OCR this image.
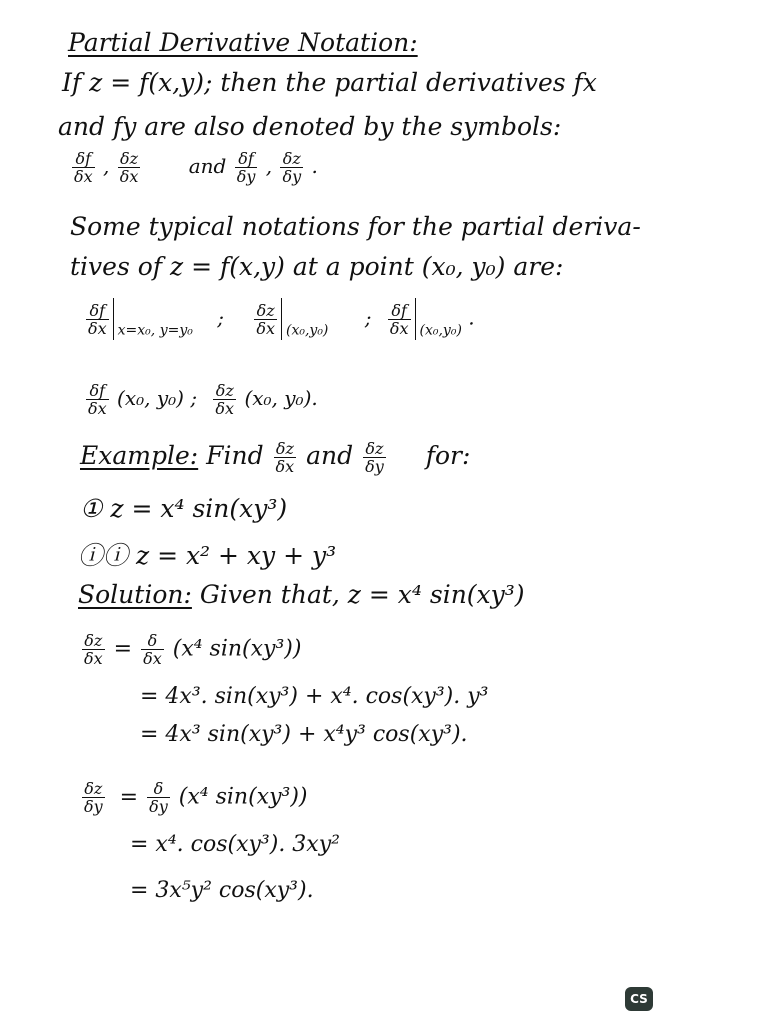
Partial Derivative Notation:
If z = f(x,y); then the partial derivatives fx
and fy are also denoted by the symbols:
$\frac{\delta f}{\delta x}$ , $\frac{\delta z}{\delta x}$ and $\frac{\delta f}{\delta y}$ , $\frac{\delta z}{\delta y}$ .
Some typical notations for the partial deriva-
tives of z = f(x,y) at a point (x₀, y₀) are:
$\frac{\delta f}{\delta x} _{x=x_0, y=y_0}$ ; $\frac{\delta z}{\delta x} _{(x_0,y_0)}$ ; $\frac{\delta f}{\delta x} _{(x_0,y_0)}$ .
$\frac{\delta f}{\delta x} (x_0$, y₀) ; $\frac{\delta z}{\delta x} (x_0$, y₀).
Example: Find $\frac{\delta z}{\delta x}$ and $\frac{\delta z}{\delta y}$ for:
① z = x⁴ sin(xy³)
ⓘⓘ z = x² + xy + y³
Solution: Given that, z = x⁴ sin(xy³)
$\frac{\delta z}{\delta x} = \frac{\delta}{\delta x} (x^4$ sin(xy³))
= 4x³. sin(xy³) + x⁴. cos(xy³). y³
= 4x³ sin(xy³) + x⁴y³ cos(xy³).
$\frac{\delta z}{\delta y} = \frac{\delta}{\delta y} (x^4$ sin(xy³))
= x⁴. cos(xy³). 3xy²
= 3x⁵y² cos(xy³).
CS
